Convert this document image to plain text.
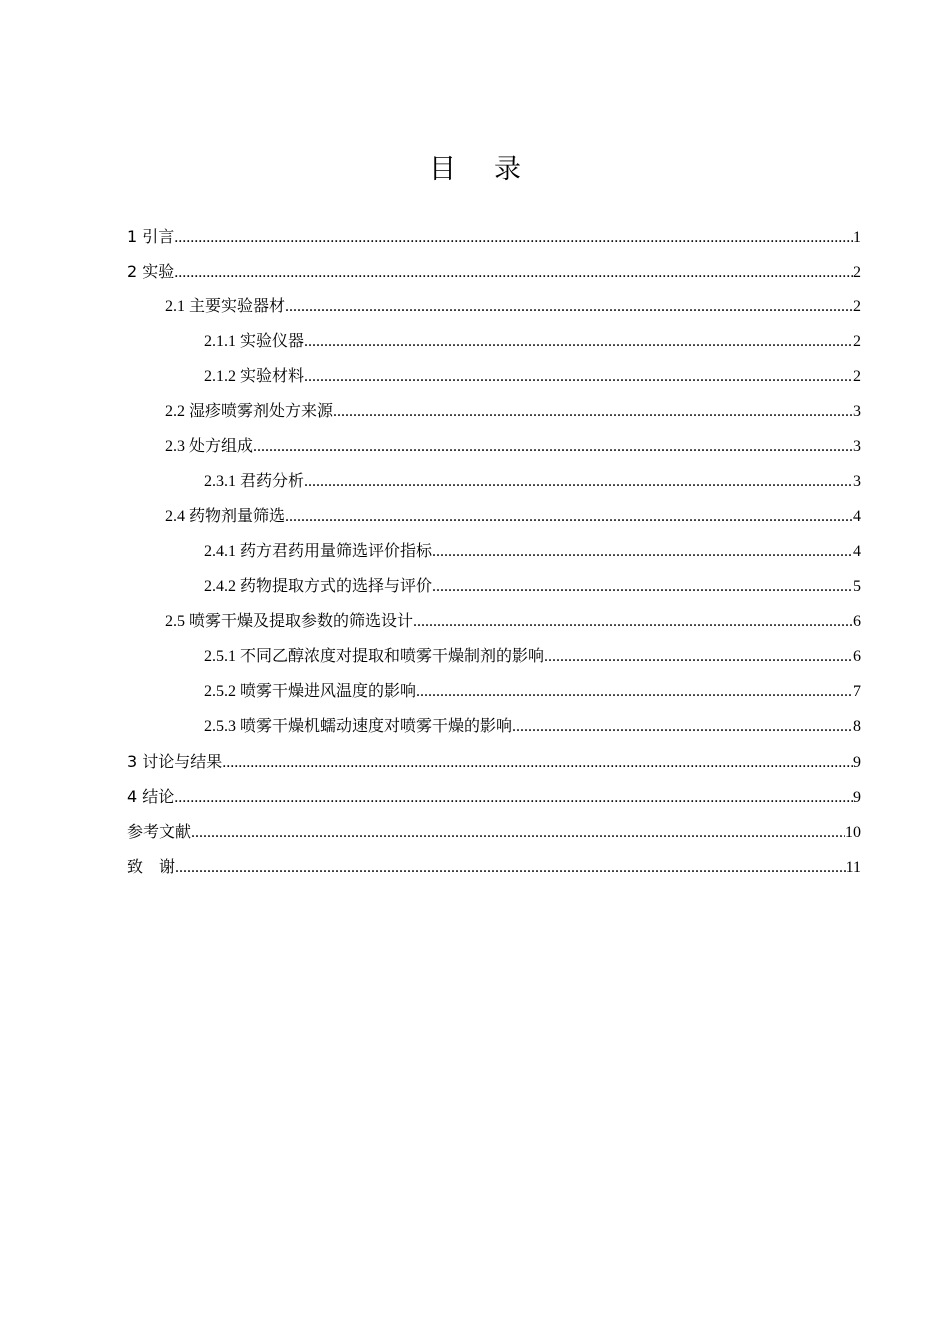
目录
1 引言 .....	1
2 实验 .....	2
2.1 主要实验器材 .....	2
2.1.1 实验仪器 .....	2
2.1.2 实验材料 .....	2
2.2 湿疹喷雾剂处方来源 .....	3
2.3 处方组成 .....	3
2.3.1 君药分析 .....	3
2.4 药物剂量筛选 .....	4
2.4.1 药方君药用量筛选评价指标 .....	4
2.4.2 药物提取方式的选择与评价 .....	5
2.5 喷雾干燥及提取参数的筛选设计 .....	6
2.5.1 不同乙醇浓度对提取和喷雾干燥制剂的影响 .....	6
2.5.2 喷雾干燥进风温度的影响 .....	7
2.5.3 喷雾干燥机蠕动速度对喷雾干燥的影响 .....	8
3 讨论与结果 .....	9
4 结论 .....	9
参考文献 .....	10
致　谢 .....	11
